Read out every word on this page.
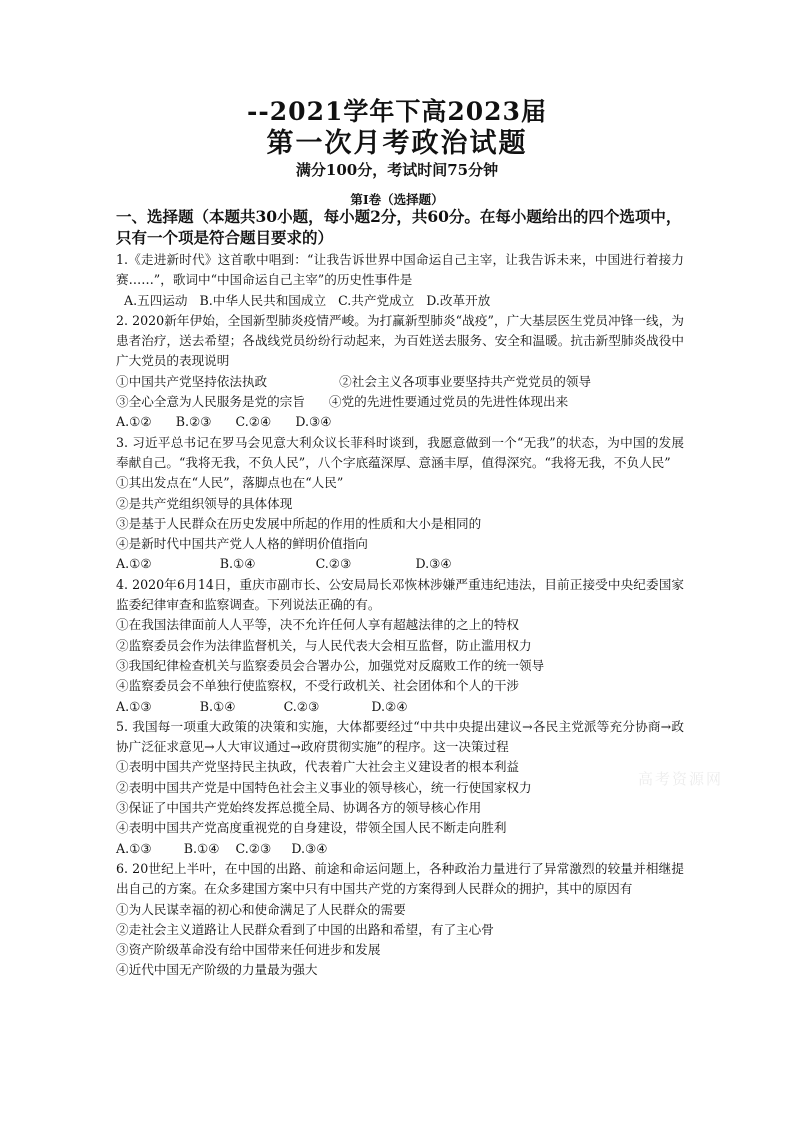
--2021学年下高2023届
第一次月考政治试题
满分100分，考试时间75分钟
第Ⅰ卷（选择题）
一、选择题（本题共30小题，每小题2分，共60分。在每小题给出的四个选项中，只有一个项是符合题目要求的）
1.《走进新时代》这首歌中唱到：“让我告诉世界中国命运自己主宰，让我告诉未来，中国进行着接力赛……”，歌词中“中国命运自己主宰”的历史性事件是
A.五四运动   B.中华人民共和国成立   C.共产党成立   D.改革开放
2. 2020新年伊始，全国新型肺炎疫情严峻。为打赢新型肺炎“战疫”，广大基层医生党员冲锋一线，为患者治疗，送去希望；各战线党员纷纷行动起来，为百姓送去服务、安全和温暖。抗击新型肺炎战役中广大党员的表现说明
①中国共产党坚持依法执政                  ②社会主义各项事业要坚持共产党党员的领导
③全心全意为人民服务是党的宗旨      ④党的先进性要通过党员的先进性体现出来
A.①②      B.②③      C.②④      D.③④
3. 习近平总书记在罗马会见意大利众议长菲科时谈到，我愿意做到一个“无我”的状态，为中国的发展奉献自己。“我将无我，不负人民”，八个字底蕴深厚、意涵丰厚，值得深究。“我将无我，不负人民”
①其出发点在“人民”，落脚点也在“人民”
②是共产党组织领导的具体体现
③是基于人民群众在历史发展中所起的作用的性质和大小是相同的
④是新时代中国共产党人人格的鲜明价值指向
A.①②                 B.①④               C.②③                D.③④
4. 2020年6月14日，重庆市副市长、公安局局长邓恢林涉嫌严重违纪违法，目前正接受中央纪委国家监委纪律审查和监察调查。下列说法正确的有。
①在我国法律面前人人平等，决不允许任何人享有超越法律的之上的特权
②监察委员会作为法律监督机关，与人民代表大会相互监督，防止滥用权力
③我国纪律检查机关与监察委员会合署办公，加强党对反腐败工作的统一领导
④监察委员会不单独行使监察权，不受行政机关、社会团体和个人的干涉
A.①③            B.①④            C.②③             D.②④
5. 我国每一项重大政策的决策和实施，大体都要经过“中共中央提出建议→各民主党派等充分协商→政协广泛征求意见→人大审议通过→政府贯彻实施”的程序。这一决策过程
①表明中国共产党坚持民主执政，代表着广大社会主义建设者的根本利益
②表明中国共产党是中国特色社会主义事业的领导核心，统一行使国家权力
③保证了中国共产党始终发挥总揽全局、协调各方的领导核心作用
④表明中国共产党高度重视党的自身建设，带领全国人民不断走向胜利
A.①③        B.①④    C.②③     D.③④
6. 20世纪上半叶，在中国的出路、前途和命运问题上，各种政治力量进行了异常激烈的较量并相继提出自己的方案。在众多建国方案中只有中国共产党的方案得到人民群众的拥护，其中的原因有
①为人民谋幸福的初心和使命满足了人民群众的需要
②走社会主义道路让人民群众看到了中国的出路和希望，有了主心骨
③资产阶级革命没有给中国带来任何进步和发展
④近代中国无产阶级的力量最为强大
高考资源网
